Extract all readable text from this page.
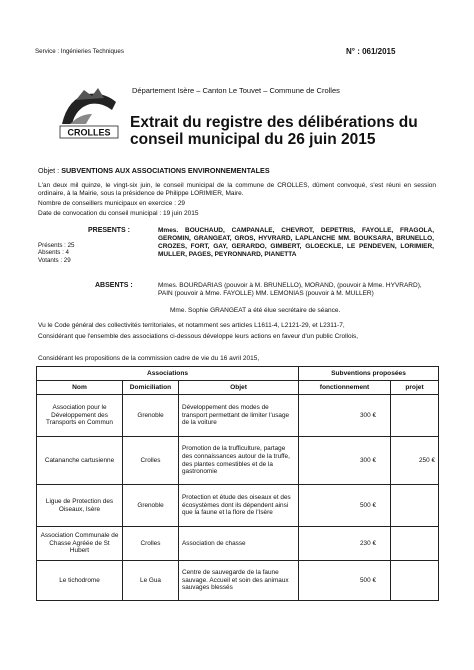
Service : Ingénieries Techniques	N° : 061/2015
CROLLES
Département Isère – Canton Le Touvet – Commune de Crolles
Extrait du registre des délibérations du conseil municipal du 26 juin 2015
Objet : SUBVENTIONS AUX ASSOCIATIONS ENVIRONNEMENTALES
L'an deux mil quinze, le vingt-six juin, le conseil municipal de la commune de CROLLES, dûment convoqué, s'est réuni en session ordinaire, à la Mairie, sous la présidence de Philippe LORIMIER, Maire.
Nombre de conseillers municipaux en exercice : 29
Date de convocation du conseil municipal : 19 juin 2015
Présents : 25
Absents : 4
Votants : 29
PRESENTS :	Mmes. BOUCHAUD, CAMPANALE, CHEVROT, DEPETRIS, FAYOLLE, FRAGOLA, GEROMIN, GRANGEAT, GROS, HYVRARD, LAPLANCHE MM. BOUKSARA, BRUNELLO, CROZES, FORT, GAY, GERARDO, GIMBERT, GLOECKLE, LE PENDEVEN, LORIMIER, MULLER, PAGES, PEYRONNARD, PIANETTA
ABSENTS :	Mmes. BOURDARIAS (pouvoir à M. BRUNELLO), MORAND, (pouvoir à Mme. HYVRARD), PAIN (pouvoir à Mme. FAYOLLE) MM. LEMONIAS (pouvoir à M. MULLER)
Mme. Sophie GRANGEAT a été élue secrétaire de séance.
Vu le Code général des collectivités territoriales, et notamment ses articles L1611-4, L2121-29, et L2311-7,
Considérant que l'ensemble des associations ci-dessous développe leurs actions en faveur d'un public Crollois,
Considérant les propositions de la commission cadre de vie du 16 avril 2015,
Associations			Subventions proposées	
Nom	Domiciliation	Objet	fonctionnement	projet
Association pour le Développement des Transports en Commun	Grenoble	Développement des modes de transport permettant de limiter l'usage de la voiture	300 €	
Catananche cartusienne	Crolles	Promotion de la trufficulture, partage des connaissances autour de la truffe, des plantes comestibles et de la gastronomie	300 €	250 €
Ligue de Protection des Oiseaux, Isère	Grenoble	Protection et étude des oiseaux et des écosystèmes dont ils dépendent ainsi que la faune et la flore de l'Isère	500 €	
Association Communale de Chasse Agréée de St Hubert	Crolles	Association de chasse	230 €	
Le tichodrome	Le Gua	Centre de sauvegarde de la faune sauvage. Accueil et soin des animaux sauvages blessés	500 €	
